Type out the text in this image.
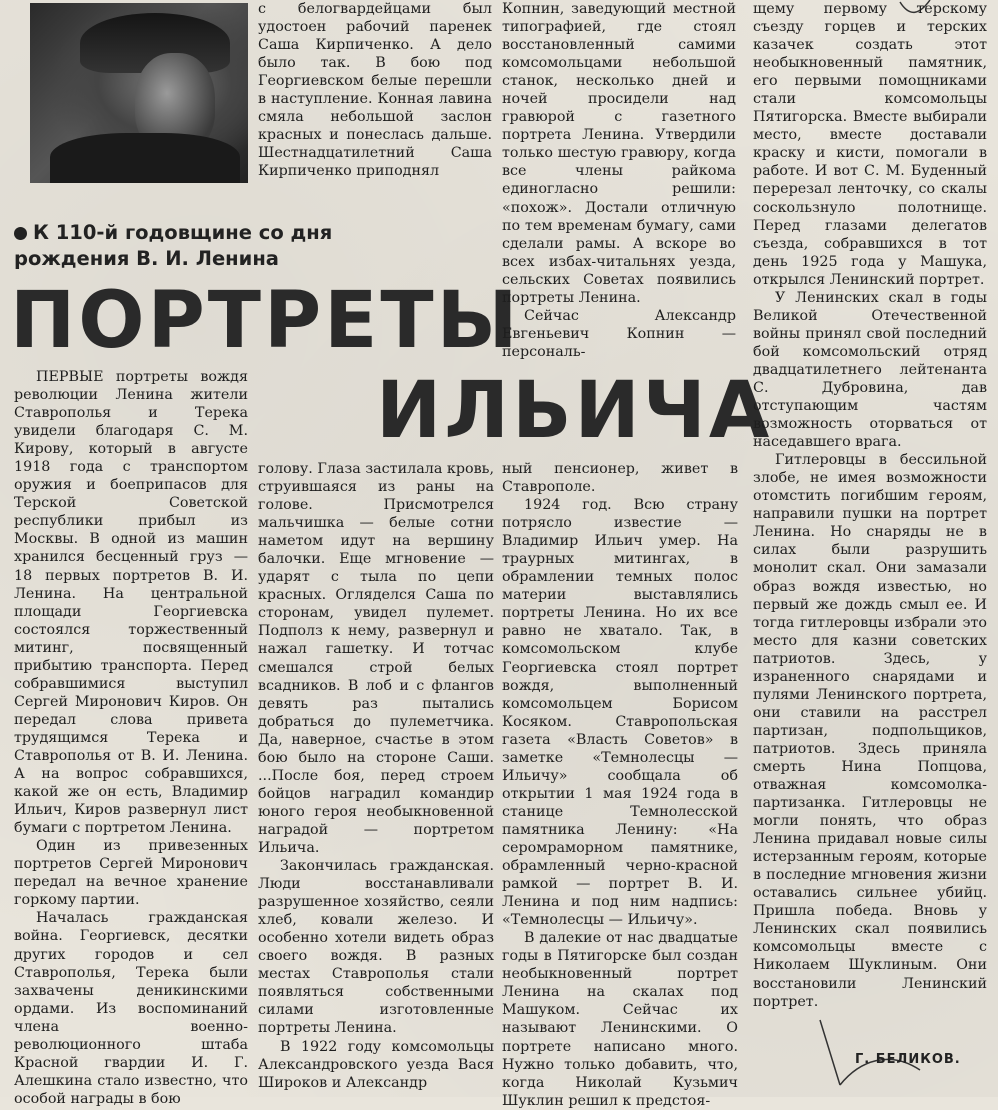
К 110-й годовщине со дня рождения В. И. Ленина
ПОРТРЕТЫ
ИЛЬИЧА

ПЕРВЫЕ портреты вождя революции Ленина жители Ставрополья и Терека увидели благодаря С. М. Кирову, который в августе 1918 года с транспортом оружия и боеприпасов для Терской Советской республики прибыл из Москвы. В одной из машин хранился бесценный груз — 18 первых портретов В. И. Ленина. На центральной площади Георгиевска состоялся торжественный митинг, посвященный прибытию транспорта. Перед собравшимися выступил Сергей Миронович Киров. Он передал слова привета трудящимся Терека и Ставрополья от В. И. Ленина. А на вопрос собравшихся, какой же он есть, Владимир Ильич, Киров развернул лист бумаги с портретом Ленина.

Один из привезенных портретов Сергей Миронович передал на вечное хранение горкому партии.

Началась гражданская война. Георгиевск, десятки других городов и сел Ставрополья, Терека были захвачены деникинскими ордами. Из воспоминаний члена военно-революционного штаба Красной гвардии И. Г. Алешкина стало известно, что особой награды в бою

с белогвардейцами был удостоен рабочий паренек Саша Кирпиченко. А дело было так. В бою под Георгиевском белые перешли в наступление. Конная лавина смяла небольшой заслон красных и понеслась дальше. Шестнадцатилетний Саша Кирпиченко приподнял

голову. Глаза застилала кровь, струившаяся из раны на голове. Присмотрелся мальчишка — белые сотни наметом идут на вершину балочки. Еще мгновение — ударят с тыла по цепи красных. Огляделся Саша по сторонам, увидел пулемет. Подполз к нему, развернул и нажал гашетку. И тотчас смешался строй белых всадников. В лоб и с флангов девять раз пытались добраться до пулеметчика. Да, наверное, счастье в этом бою было на стороне Саши. ...После боя, перед строем бойцов наградил командир юного героя необыкновенной наградой — портретом Ильича.

Закончилась гражданская. Люди восстанавливали разрушенное хозяйство, сеяли хлеб, ковали железо. И особенно хотели видеть образ своего вождя. В разных местах Ставрополья стали появляться собственными силами изготовленные портреты Ленина.

В 1922 году комсомольцы Александровского уезда Вася Широков и Александр

Копнин, заведующий местной типографией, где стоял восстановленный самими комсомольцами небольшой станок, несколько дней и ночей просидели над гравюрой с газетного портрета Ленина. Утвердили только шестую гравюру, когда все члены райкома единогласно решили: «похож». Достали отличную по тем временам бумагу, сами сделали рамы. А вскоре во всех избах-читальнях уезда, сельских Советах появились портреты Ленина.

Сейчас Александр Евгеньевич Копнин — персональ-

ный пенсионер, живет в Ставрополе.

1924 год. Всю страну потрясло известие — Владимир Ильич умер. На траурных митингах, в обрамлении темных полос материи выставлялись портреты Ленина. Но их все равно не хватало. Так, в комсомольском клубе Георгиевска стоял портрет вождя, выполненный комсомольцем Борисом Косяком. Ставропольская газета «Власть Советов» в заметке «Темнолесцы — Ильичу» сообщала об открытии 1 мая 1924 года в станице Темнолесской памятника Ленину: «На серомраморном памятнике, обрамленный черно-красной рамкой — портрет В. И. Ленина и под ним надпись: «Темнолесцы — Ильичу».

В далекие от нас двадцатые годы в Пятигорске был создан необыкновенный портрет Ленина на скалах под Машуком. Сейчас их называют Ленинскими. О портрете написано много. Нужно только добавить, что, когда Николай Кузьмич Шуклин решил к предстоя-

щему первому терскому съезду горцев и терских казачек создать этот необыкновенный памятник, его первыми помощниками стали комсомольцы Пятигорска. Вместе выбирали место, вместе доставали краску и кисти, помогали в работе. И вот С. М. Буденный перерезал ленточку, со скалы соскользнуло полотнище. Перед глазами делегатов съезда, собравшихся в тот день 1925 года у Машука, открылся Ленинский портрет.

У Ленинских скал в годы Великой Отечественной войны принял свой последний бой комсомольский отряд двадцатилетнего лейтенанта С. Дубровина, дав отступающим частям возможность оторваться от наседавшего врага.

Гитлеровцы в бессильной злобе, не имея возможности отомстить погибшим героям, направили пушки на портрет Ленина. Но снаряды не в силах были разрушить монолит скал. Они замазали образ вождя известью, но первый же дождь смыл ее. И тогда гитлеровцы избрали это место для казни советских патриотов. Здесь, у израненного снарядами и пулями Ленинского портрета, они ставили на расстрел партизан, подпольщиков, патриотов. Здесь приняла смерть Нина Попцова, отважная комсомолка-партизанка. Гитлеровцы не могли понять, что образ Ленина придавал новые силы истерзанным героям, которые в последние мгновения жизни оставались сильнее убийц. Пришла победа. Вновь у Ленинских скал появились комсомольцы вместе с Николаем Шуклиным. Они восстановили Ленинский портрет.

Г. БЕЛИКОВ.
